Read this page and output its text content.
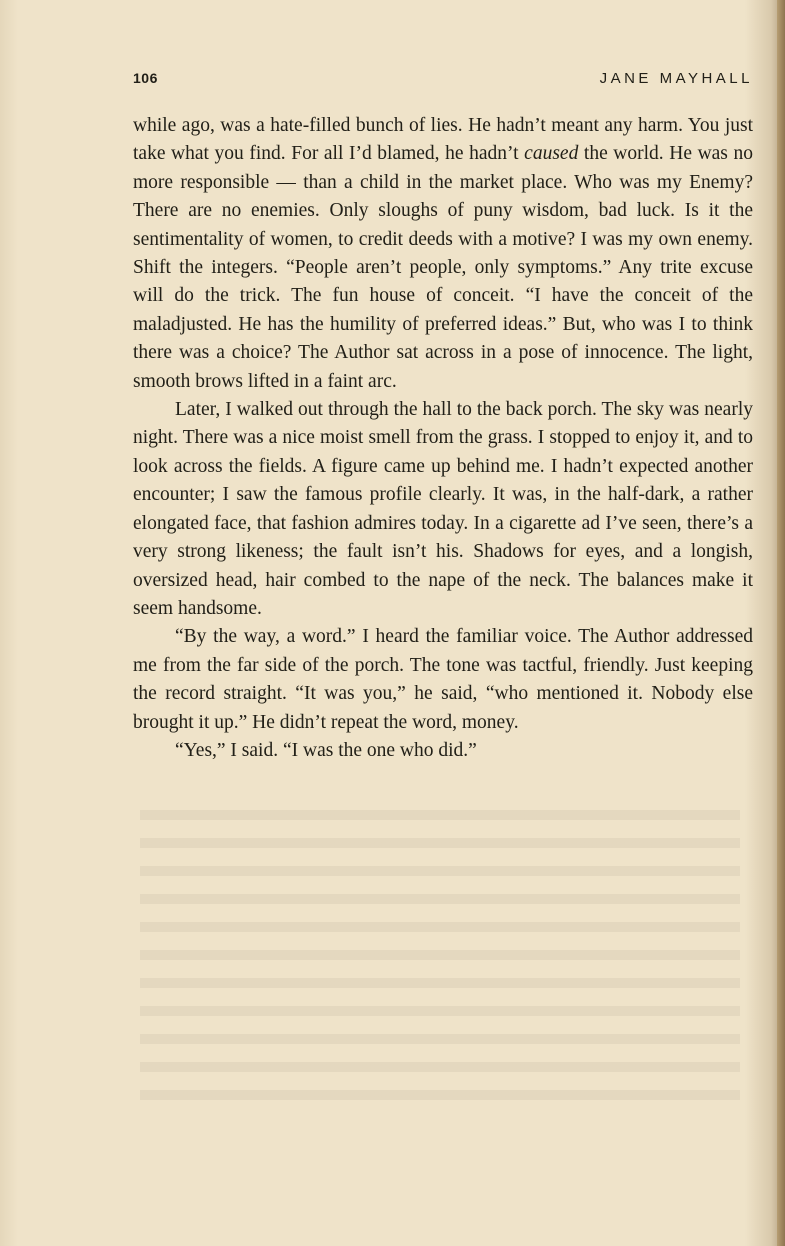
106	JANE MAYHALL

while ago, was a hate-filled bunch of lies. He hadn’t meant any harm. You just take what you find. For all I’d blamed, he hadn’t caused the world. He was no more responsible — than a child in the market place. Who was my Enemy? There are no enemies. Only sloughs of puny wisdom, bad luck. Is it the sentimentality of women, to credit deeds with a motive? I was my own enemy. Shift the integers. “People aren’t people, only symptoms.” Any trite excuse will do the trick. The fun house of conceit. “I have the conceit of the maladjusted. He has the humility of preferred ideas.” But, who was I to think there was a choice? The Author sat across in a pose of innocence. The light, smooth brows lifted in a faint arc.

Later, I walked out through the hall to the back porch. The sky was nearly night. There was a nice moist smell from the grass. I stopped to enjoy it, and to look across the fields. A figure came up behind me. I hadn’t expected another encounter; I saw the famous profile clearly. It was, in the half-dark, a rather elongated face, that fashion admires today. In a cigarette ad I’ve seen, there’s a very strong likeness; the fault isn’t his. Shadows for eyes, and a longish, oversized head, hair combed to the nape of the neck. The balances make it seem handsome.

“By the way, a word.” I heard the familiar voice. The Author addressed me from the far side of the porch. The tone was tactful, friendly. Just keeping the record straight. “It was you,” he said, “who mentioned it. Nobody else brought it up.” He didn’t repeat the word, money.

“Yes,” I said. “I was the one who did.”
